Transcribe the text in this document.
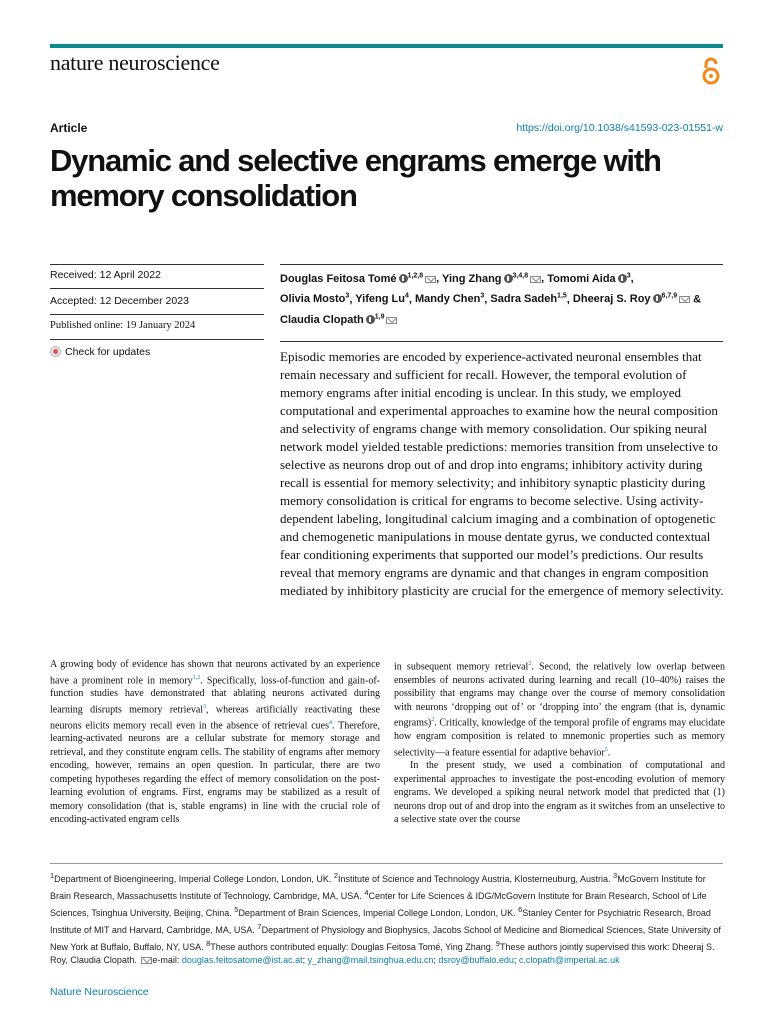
nature neuroscience
Article	https://doi.org/10.1038/s41593-023-01551-w
Dynamic and selective engrams emerge with memory consolidation
Received: 12 April 2022
Accepted: 12 December 2023
Published online: 19 January 2024
Check for updates
Douglas Feitosa Tomé $^{1,2,8}$ , Ying Zhang $^{3,4,8}$ , Tomomi Aida $^3$,
Olivia Mosto$^3$, Yifeng Lu$^4$, Mandy Chen$^3$, Sadra Sadeh$^{1,5}$, Dheeraj S. Roy $^{6,7,9}$ &
Claudia Clopath $^{1,9}$

Episodic memories are encoded by experience-activated neuronal ensembles that remain necessary and sufficient for recall. However, the temporal evolution of memory engrams after initial encoding is unclear. In this study, we employed computational and experimental approaches to examine how the neural composition and selectivity of engrams change with memory consolidation. Our spiking neural network model yielded testable predictions: memories transition from unselective to selective as neurons drop out of and drop into engrams; inhibitory activity during recall is essential for memory selectivity; and inhibitory synaptic plasticity during memory consolidation is critical for engrams to become selective. Using activity-dependent labeling, longitudinal calcium imaging and a combination of optogenetic and chemogenetic manipulations in mouse dentate gyrus, we conducted contextual fear conditioning experiments that supported our model’s predictions. Our results reveal that memory engrams are dynamic and that changes in engram composition mediated by inhibitory plasticity are crucial for the emergence of memory selectivity.

A growing body of evidence has shown that neurons activated by an experience have a prominent role in memory$^{1,2}$. Specifically, loss-of-function and gain-of-function studies have demonstrated that ablating neurons activated during learning disrupts memory retrieval$^3$, whereas artificially reactivating these neurons elicits memory recall even in the absence of retrieval cues$^4$. Therefore, learning-activated neurons are a cellular substrate for memory storage and retrieval, and they constitute engram cells. The stability of engrams after memory encoding, however, remains an open question. In particular, there are two competing hypotheses regarding the effect of memory consolidation on the post-learning evolution of engrams. First, engrams may be stabilized as a result of memory consolidation (that is, stable engrams) in line with the crucial role of encoding-activated engram cells

in subsequent memory retrieval$^2$. Second, the relatively low overlap between ensembles of neurons activated during learning and recall (10–40%) raises the possibility that engrams may change over the course of memory consolidation with neurons ‘dropping out of’ or ‘dropping into’ the engram (that is, dynamic engrams)$^2$. Critically, knowledge of the temporal profile of engrams may elucidate how engram composition is related to mnemonic properties such as memory selectivity—a feature essential for adaptive behavior$^5$.

In the present study, we used a combination of computational and experimental approaches to investigate the post-encoding evolution of memory engrams. We developed a spiking neural network model that predicted that (1) neurons drop out of and drop into the engram as it switches from an unselective to a selective state over the course

$^1$Department of Bioengineering, Imperial College London, London, UK. $^2$Institute of Science and Technology Austria, Klosterneuburg, Austria. $^3$McGovern Institute for Brain Research, Massachusetts Institute of Technology, Cambridge, MA, USA. $^4$Center for Life Sciences & IDG/McGovern Institute for Brain Research, School of Life Sciences, Tsinghua University, Beijing, China. $^5$Department of Brain Sciences, Imperial College London, London, UK. $^6$Stanley Center for Psychiatric Research, Broad Institute of MIT and Harvard, Cambridge, MA, USA. $^7$Department of Physiology and Biophysics, Jacobs School of Medicine and Biomedical Sciences, State University of New York at Buffalo, Buffalo, NY, USA. $^8$These authors contributed equally: Douglas Feitosa Tomé, Ying Zhang. $^9$These authors jointly supervised this work: Dheeraj S. Roy, Claudia Clopath. e-mail: douglas.feitosatome@ist.ac.at; y_zhang@mail.tsinghua.edu.cn; dsroy@buffalo.edu; c.clopath@imperial.ac.uk

Nature Neuroscience
